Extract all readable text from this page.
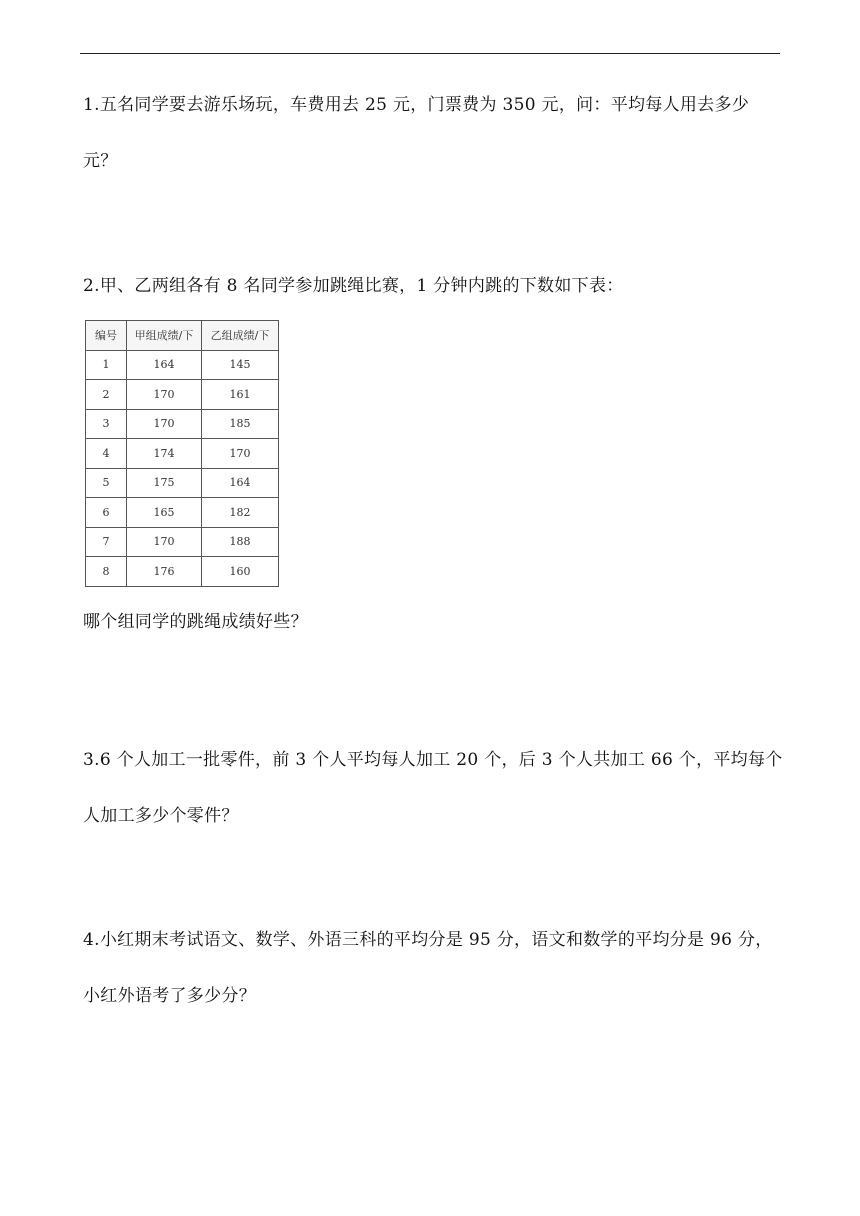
1.五名同学要去游乐场玩，车费用去 25 元，门票费为 350 元，问：平均每人用去多少元？

2.甲、乙两组各有 8 名同学参加跳绳比赛，1 分钟内跳的下数如下表：

编号	甲组成绩/下	乙组成绩/下
1	164	145
2	170	161
3	170	185
4	174	170
5	175	164
6	165	182
7	170	188
8	176	160

哪个组同学的跳绳成绩好些？

3.6 个人加工一批零件，前 3 个人平均每人加工 20 个，后 3 个人共加工 66 个，平均每个人加工多少个零件？

4.小红期末考试语文、数学、外语三科的平均分是 95 分，语文和数学的平均分是 96 分，小红外语考了多少分？
